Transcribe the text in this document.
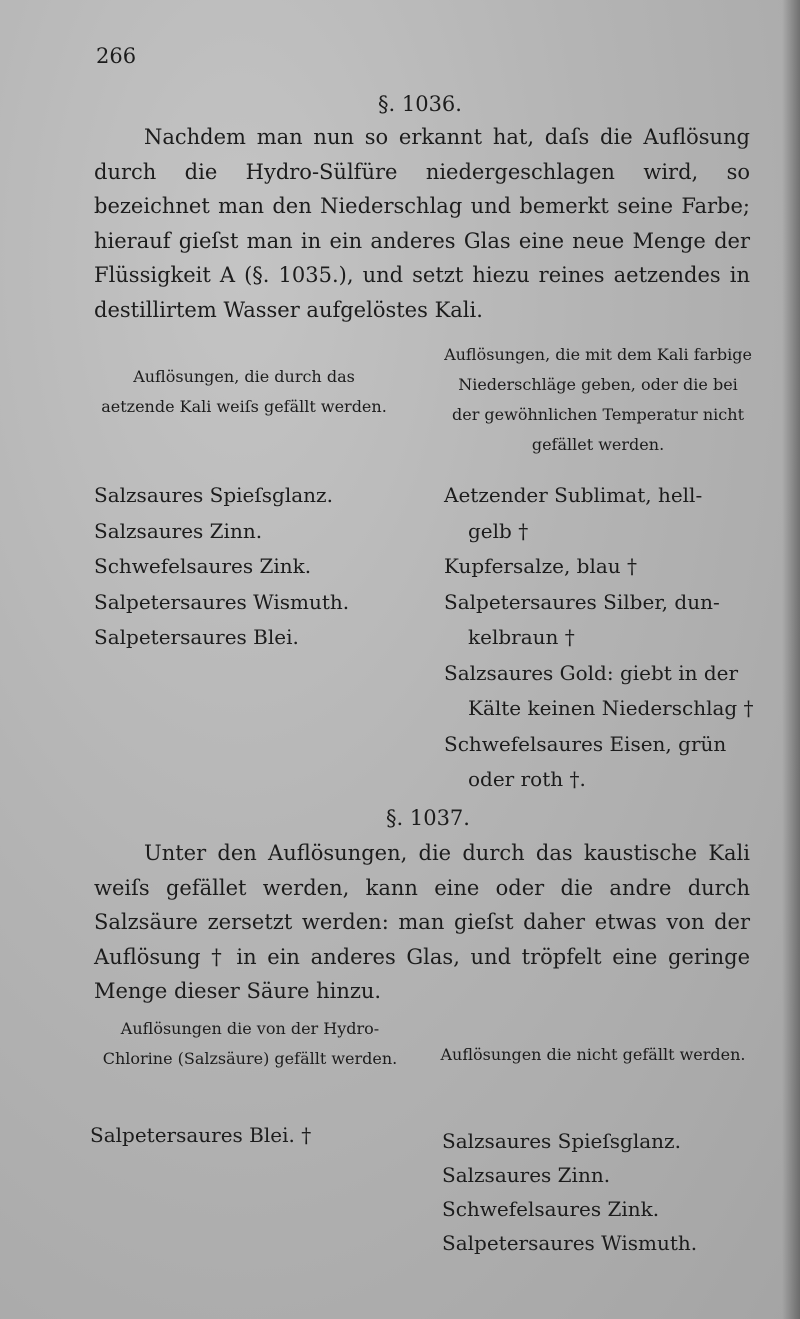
266
§. 1036.

Nachdem man nun so erkannt hat, daſs die Auflösung durch die Hydro-Sülfüre niedergeschlagen wird, so bezeichnet man den Niederschlag und bemerkt seine Farbe; hierauf gieſst man in ein anderes Glas eine neue Menge der Flüssigkeit A (§. 1035.), und setzt hiezu reines aetzendes in destillirtem Wasser aufgelöstes Kali.

Auflösungen, die durch das aetzende Kali weiſs gefällt werden.

Auflösungen, die mit dem Kali farbige Niederschläge geben, oder die bei der gewöhnlichen Temperatur nicht gefället werden.

Salzsaures Spieſsglanz.
Salzsaures Zinn.
Schwefelsaures Zink.
Salpetersaures Wismuth.
Salpetersaures Blei.
Aetzender Sublimat, hell-
gelb †
Kupfersalze, blau †
Salpetersaures Silber, dun-
kelbraun †
Salzsaures Gold: giebt in der
Kälte keinen Niederschlag †
Schwefelsaures Eisen, grün
oder roth †.
§. 1037.

Unter den Auflösungen, die durch das kaustische Kali weiſs gefället werden, kann eine oder die andre durch Salzsäure zersetzt werden: man gieſst daher etwas von der Auflösung † in ein anderes Glas, und tröpfelt eine geringe Menge dieser Säure hinzu.

Auflösungen die von der Hydro-Chlorine (Salzsäure) gefällt werden.	Auflösungen die nicht gefällt werden.

Salpetersaures Blei. †	Salzsaures Spieſsglanz.
Salzsaures Zinn.
Schwefelsaures Zink.
Salpetersaures Wismuth.
